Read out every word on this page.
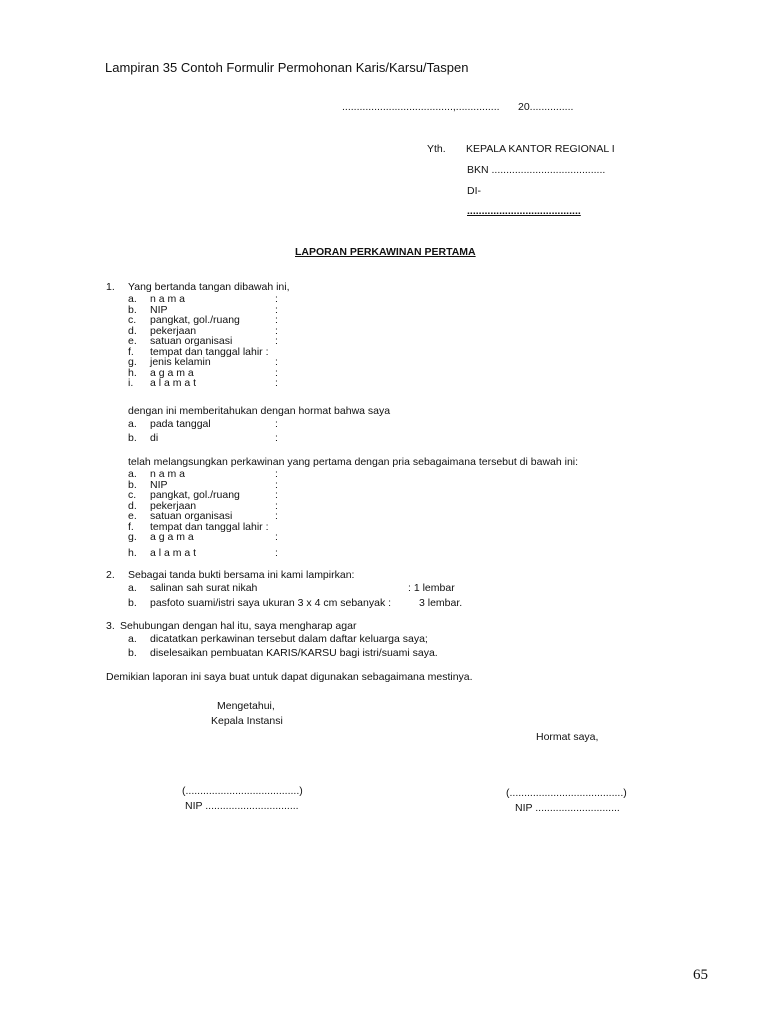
Lampiran 35 Contoh Formulir Permohonan Karis/Karsu/Taspen
......................................,............... 20...............
Yth. KEPALA KANTOR REGIONAL I
BKN .......................................
DI-
.......................................
LAPORAN PERKAWINAN PERTAMA
1. Yang bertanda tangan dibawah ini,
dengan ini memberitahukan dengan hormat bahwa saya
telah melangsungkan perkawinan yang pertama dengan pria sebagaimana tersebut di bawah ini:
2. Sebagai tanda bukti bersama ini kami lampirkan:
a. salinan sah surat nikah	: 1 lembar
b. pasfoto suami/istri saya ukuran 3 x 4 cm sebanyak :	3 lembar.
3. Sehubungan dengan hal itu, saya mengharap agar
a. dicatatkan perkawinan tersebut dalam daftar keluarga saya;
b. diselesaikan pembuatan KARIS/KARSU bagi istri/suami saya.
Demikian laporan ini saya buat untuk dapat digunakan sebagaimana mestinya.
Mengetahui,
Kepala Instansi
Hormat saya,
(.......................................)
NIP ................................
(.......................................)
NIP .............................
65
a. n a m a	:
b. NIP	:
c. pangkat, gol./ruang	:
d. pekerjaan	:
e. satuan organisasi	:
f. tempat dan tanggal lahir :
g. jenis kelamin	:
h. a g a m a	:
i. a l a m a t	:
a. pada tanggal	:
b. di	:
a. n a m a	:
b. NIP	:
c. pangkat, gol./ruang	:
d. pekerjaan	:
e. satuan organisasi	:
f. tempat dan tanggal lahir :
g. a g a m a	:
h. a l a m a t	:
